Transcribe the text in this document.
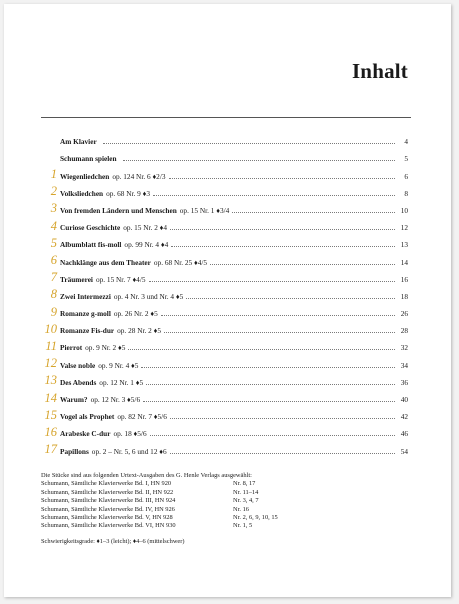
Inhalt
Am Klavier	4
Schumann spielen	5
1 Wiegenliedchen op. 124 Nr. 6 ♦2/3	6
2 Volksliedchen op. 68 Nr. 9 ♦3	8
3 Von fremden Ländern und Menschen op. 15 Nr. 1 ♦3/4	10
4 Curiose Geschichte op. 15 Nr. 2 ♦4	12
5 Albumblatt fis-moll op. 99 Nr. 4 ♦4	13
6 Nachklänge aus dem Theater op. 68 Nr. 25 ♦4/5	14
7 Träumerei op. 15 Nr. 7 ♦4/5	16
8 Zwei Intermezzi op. 4 Nr. 3 und Nr. 4 ♦5	18
9 Romanze g-moll op. 26 Nr. 2 ♦5	26
10 Romanze Fis-dur op. 28 Nr. 2 ♦5	28
11 Pierrot op. 9 Nr. 2 ♦5	32
12 Valse noble op. 9 Nr. 4 ♦5	34
13 Des Abends op. 12 Nr. 1 ♦5	36
14 Warum? op. 12 Nr. 3 ♦5/6	40
15 Vogel als Prophet op. 82 Nr. 7 ♦5/6	42
16 Arabeske C-dur op. 18 ♦5/6	46
17 Papillons op. 2 – Nr. 5, 6 und 12 ♦6	54
Die Stücke sind aus folgenden Urtext-Ausgaben des G. Henle Verlags ausgewählt:
Schumann, Sämtliche Klavierwerke Bd. I, HN 920	Nr. 8, 17
Schumann, Sämtliche Klavierwerke Bd. II, HN 922	Nr. 11–14
Schumann, Sämtliche Klavierwerke Bd. III, HN 924	Nr. 3, 4, 7
Schumann, Sämtliche Klavierwerke Bd. IV, HN 926	Nr. 16
Schumann, Sämtliche Klavierwerke Bd. V, HN 928	Nr. 2, 6, 9, 10, 15
Schumann, Sämtliche Klavierwerke Bd. VI, HN 930	Nr. 1, 5
Schwierigkeitsgrade: ♦1–3 (leicht); ♦4–6 (mittelschwer)
